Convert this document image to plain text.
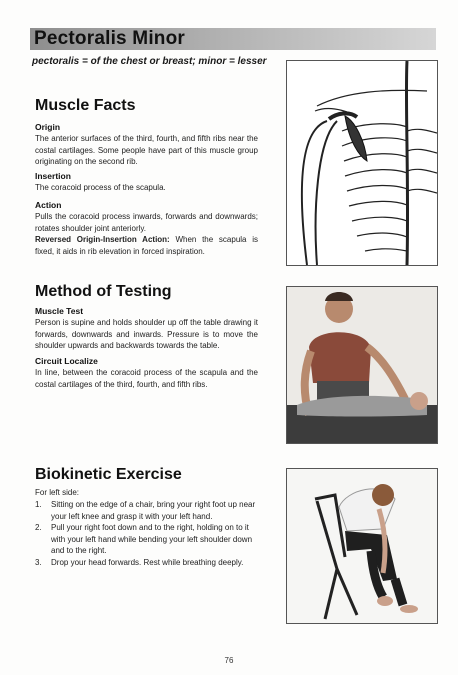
Pectoralis Minor
pectoralis = of the chest or breast; minor = lesser
Muscle Facts
Origin
The anterior surfaces of the third, fourth, and fifth ribs near the costal cartilages. Some people have part of this muscle group originating on the second rib.
Insertion
The coracoid process of the scapula.
Action
Pulls the coracoid process inwards, forwards and downwards; rotates shoulder joint anteriorly.
Reversed Origin-Insertion Action: When the scapula is fixed, it aids in rib elevation in forced inspiration.
Method of Testing
Muscle Test
Person is supine and holds shoulder up off the table drawing it forwards, downwards and inwards. Pressure is to move the shoulder upwards and backwards towards the table.
Circuit Localize
In line, between the coracoid process of the scapula and the costal cartilages of the third, fourth, and fifth ribs.
Biokinetic Exercise
For left side:
1. Sitting on the edge of a chair, bring your right foot up near your left knee and grasp it with your left hand.
2. Pull your right foot down and to the right, holding on to it with your left hand while bending your left shoulder down and to the right.
3. Drop your head forwards. Rest while breathing deeply.
76
